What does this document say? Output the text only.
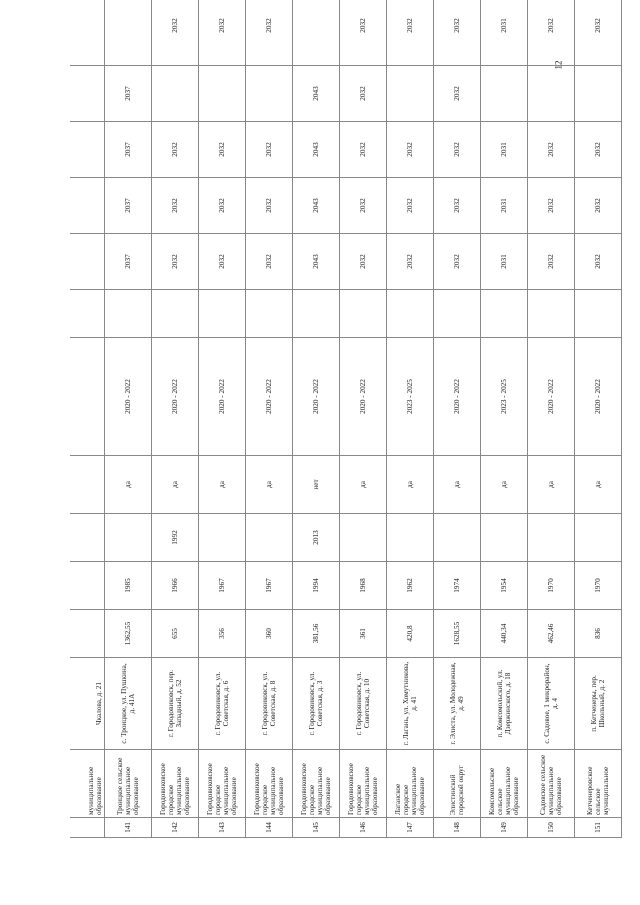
	муниципальное образование	Чкалова, д. 21											
141	Троицкое сельское муниципальное образование	с. Троицкое, ул. Пушкина, д. 41А	1362,55	1985		да	2020 - 2022		2037	2037	2037	2037	
142	Городовиковское городское муниципальное образование	г. Городовиковск, пер. Западный, д. 52	655	1966	1992	да	2020 - 2022		2032	2032	2032		2032
143	Городовиковское городское муниципальное образование	г. Городовиковск, ул. Советская, д. 6	356	1967		да	2020 - 2022		2032	2032	2032		2032
144	Городовиковское городское муниципальное образование	г. Городовиковск, ул. Советская, д. 8	360	1967		да	2020 - 2022		2032	2032	2032		2032
145	Городовиковское городское муниципальное образование	г. Городовиковск, ул. Советская, д. 3	381,56	1994	2013	нет	2020 - 2022		2043	2043	2043	2043	
146	Городовиковское городское муниципальное образование	г. Городовиковск, ул. Советская, д. 10	361	1968		да	2020 - 2022		2032	2032	2032	2032	2032
147	Лаганское городское муниципальное образование	г. Лагань, ул. Хомутникова, д. 41	420,8	1962		да	2023 - 2025		2032	2032	2032		2032
148	Элистинский городской округ	г. Элиста, ул. Молодежная, д. 49	1628,55	1974		да	2020 - 2022		2032	2032	2032	2032	2032
149	Комсомольское сельское муниципальное образование	п. Комсомольский, ул. Дзержинского, д. 18	440,34	1954		да	2023 - 2025		2031	2031	2031		2031
150	Садовское сельское муниципальное образование	с. Садовое, 1 микрорайон, д. 4	462,46	1970		да	2020 - 2022		2032	2032	2032		2032
151	Кетченеровское сельское муниципальное	п. Кетченеры, пер. Школьный, д. 2	836	1970		да	2020 - 2022		2032	2032	2032		2032
12
